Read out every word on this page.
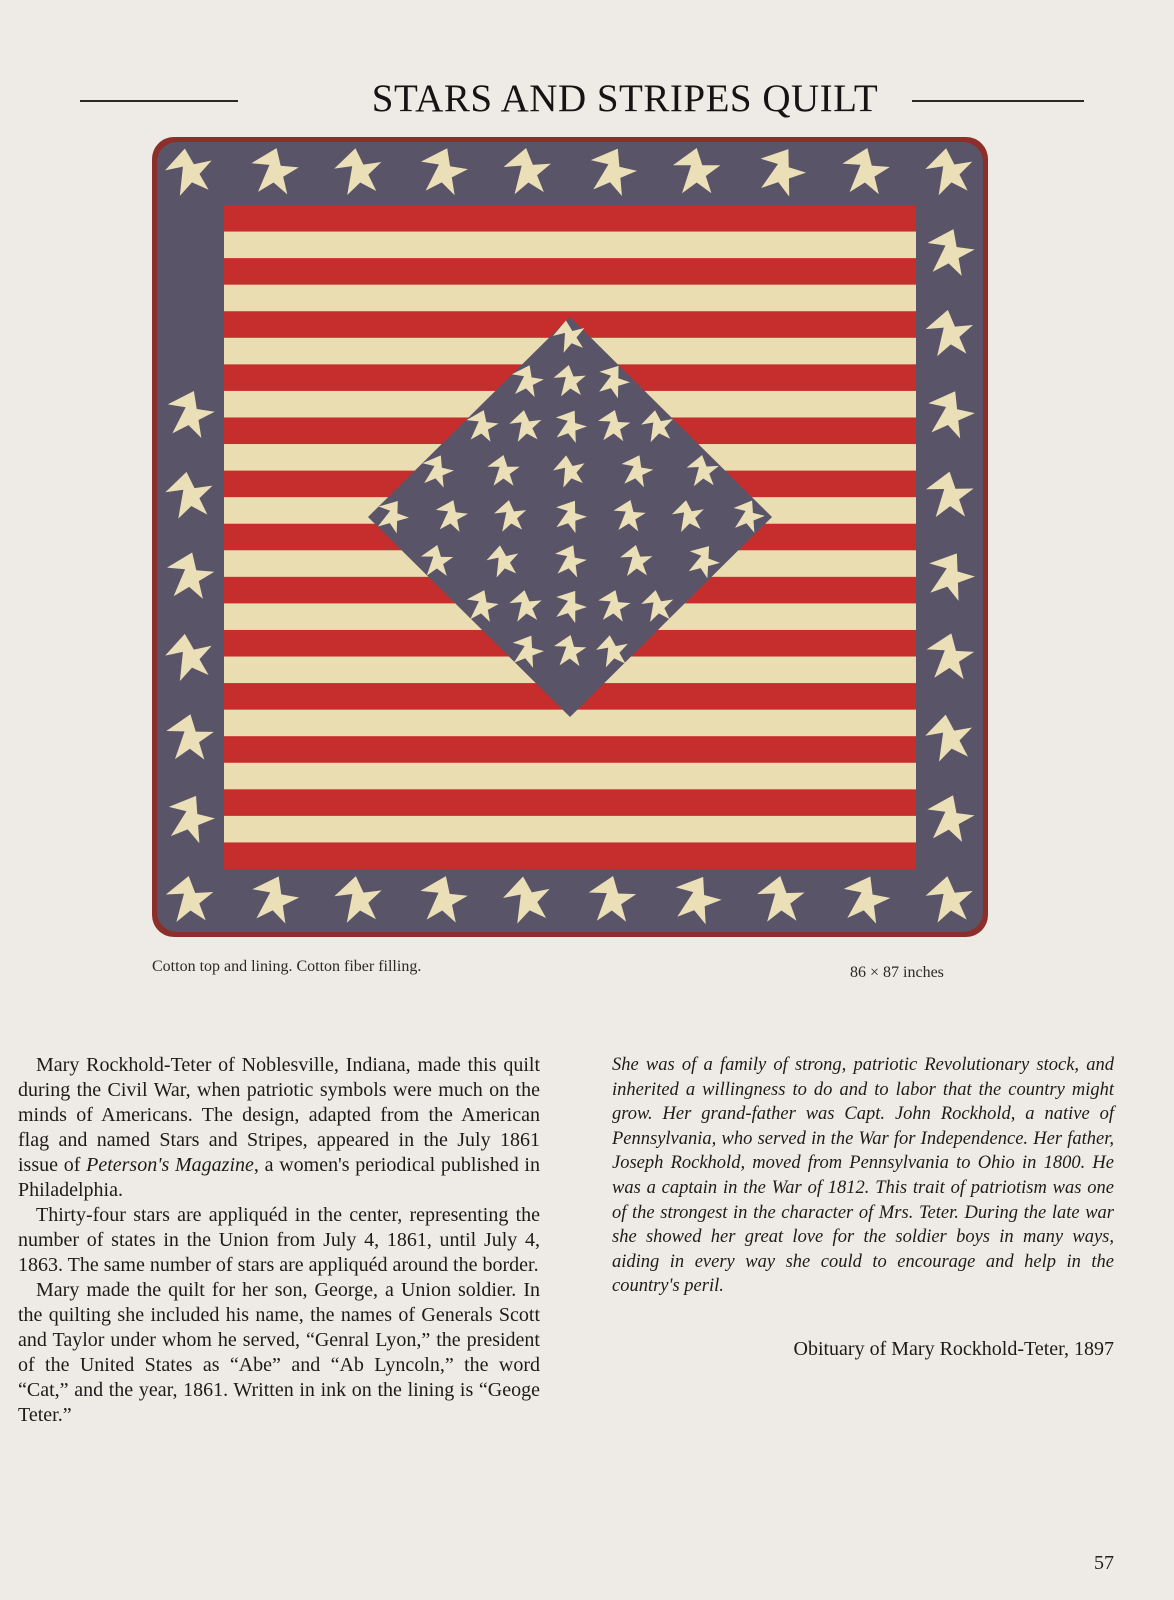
STARS AND STRIPES QUILT
Cotton top and lining. Cotton fiber filling.	86 × 87 inches

Mary Rockhold-Teter of Noblesville, Indiana, made this quilt during the Civil War, when patriotic symbols were much on the minds of Americans. The design, adapted from the American flag and named Stars and Stripes, appeared in the July 1861 issue of Peterson's Magazine, a women's periodical published in Philadelphia.

Thirty-four stars are appliquéd in the center, representing the number of states in the Union from July 4, 1861, until July 4, 1863. The same number of stars are appliquéd around the border.

Mary made the quilt for her son, George, a Union soldier. In the quilting she included his name, the names of Generals Scott and Taylor under whom he served, “Genral Lyon,” the president of the United States as “Abe” and “Ab Lyncoln,” the word “Cat,” and the year, 1861. Written in ink on the lining is “Geoge Teter.”

She was of a family of strong, patriotic Revolutionary stock, and inherited a willingness to do and to labor that the country might grow. Her grand-father was Capt. John Rockhold, a native of Pennsylvania, who served in the War for Independence. Her father, Joseph Rockhold, moved from Pennsylvania to Ohio in 1800. He was a captain in the War of 1812. This trait of patriotism was one of the strongest in the character of Mrs. Teter. During the late war she showed her great love for the soldier boys in many ways, aiding in every way she could to encourage and help in the country's peril.

Obituary of Mary Rockhold-Teter, 1897
57
